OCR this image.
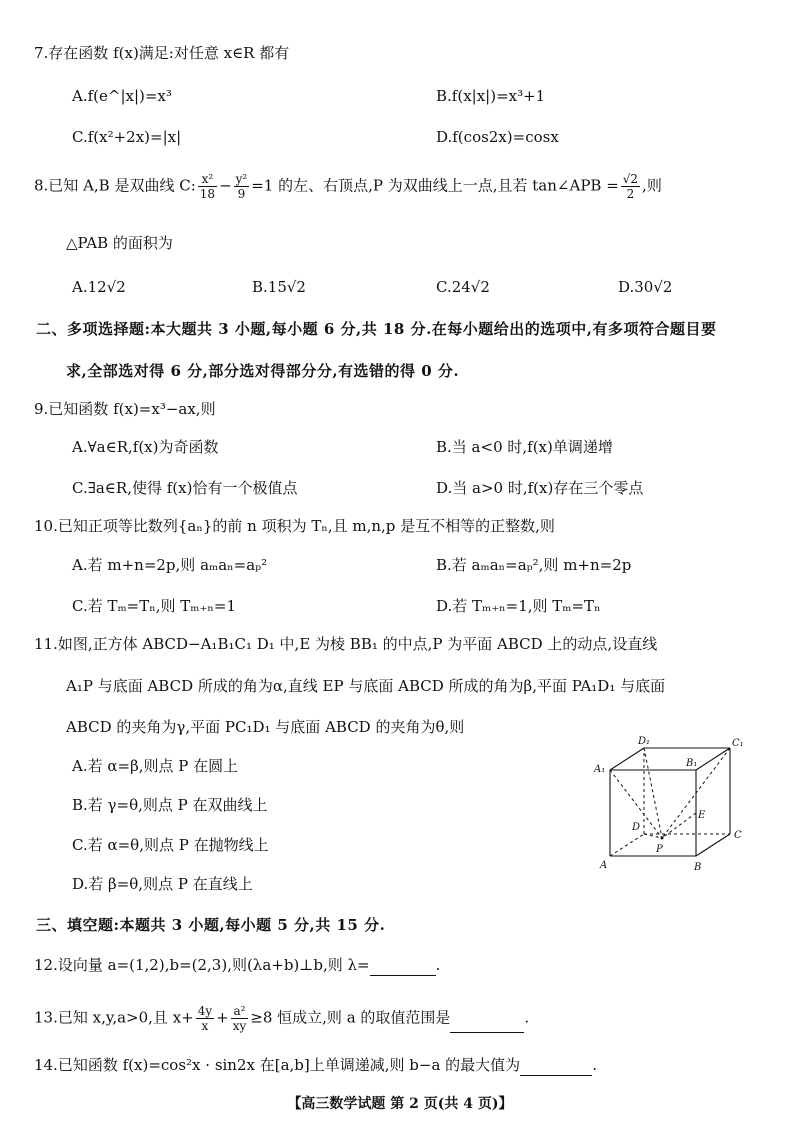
7.存在函数 f(x)满足:对任意 x∈R 都有
A.f(e^|x|)=x³	B.f(x|x|)=x³+1
C.f(x²+2x)=|x|	D.f(cos2x)=cosx
8.已知 A,B 是双曲线 C: $\frac{\text{x²}}{18} - \frac{\text{y²}}{9} =1$ 的左、右顶点,P 为双曲线上一点,且若 tan∠APB = $\frac{√2}{2}$ ,则
△PAB 的面积为
A.12√2	B.15√2	C.24√2	D.30√2
二、多项选择题:本大题共 3 小题,每小题 6 分,共 18 分.在每小题给出的选项中,有多项符合题目要
求,全部选对得 6 分,部分选对得部分分,有选错的得 0 分.
9.已知函数 f(x)=x³−ax,则
A.∀a∈R,f(x)为奇函数	B.当 a<0 时,f(x)单调递增
C.∃a∈R,使得 f(x)恰有一个极值点	D.当 a>0 时,f(x)存在三个零点
10.已知正项等比数列{aₙ}的前 n 项积为 Tₙ,且 m,n,p 是互不相等的正整数,则
A.若 m+n=2p,则 aₘaₙ=aₚ²	B.若 aₘaₙ=aₚ²,则 m+n=2p
C.若 Tₘ=Tₙ,则 Tₘ₊ₙ=1	D.若 Tₘ₊ₙ=1,则 Tₘ=Tₙ
11.如图,正方体 ABCD−A₁B₁C₁ D₁ 中,E 为棱 BB₁ 的中点,P 为平面 ABCD 上的动点,设直线
A₁P 与底面 ABCD 所成的角为α,直线 EP 与底面 ABCD 所成的角为β,平面 PA₁D₁ 与底面
ABCD 的夹角为γ,平面 PC₁D₁ 与底面 ABCD 的夹角为θ,则
A.若 α=β,则点 P 在圆上
B.若 γ=θ,则点 P 在双曲线上
C.若 α=θ,则点 P 在抛物线上
D.若 β=θ,则点 P 在直线上
A	B
C
D
A₁
B₁
C₁
D₁
E
P
三、填空题:本题共 3 小题,每小题 5 分,共 15 分.
12.设向量 a=(1,2),b=(2,3),则(λa+b)⊥b,则 λ=	.
13.已知 x,y,a>0,且 $x+ \frac{4y}{x} + \frac{\text{a²}}{xy} \ge 8$ 恒成立,则 a 的取值范围是	.
14.已知函数 f(x)=cos²x · sin2x 在[a,b]上单调递减,则 b−a 的最大值为	.
【高三数学试题 第 2 页(共 4 页)】
